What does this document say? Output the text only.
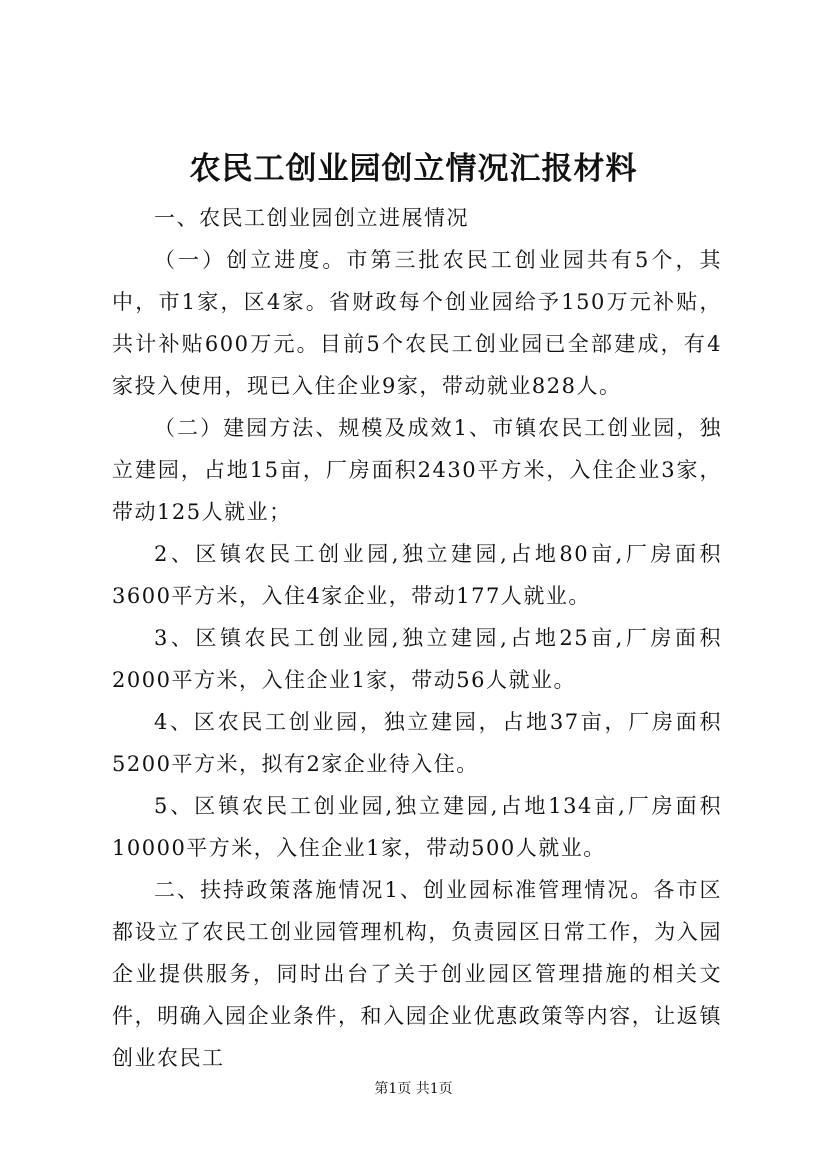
农民工创业园创立情况汇报材料

一、农民工创业园创立进展情况

（一）创立进度。市第三批农民工创业园共有5个，其中，市1家，区4家。省财政每个创业园给予150万元补贴，共计补贴600万元。目前5个农民工创业园已全部建成，有4家投入使用，现已入住企业9家，带动就业828人。

（二）建园方法、规模及成效1、市镇农民工创业园，独立建园，占地15亩，厂房面积2430平方米，入住企业3家，带动125人就业；

2、区镇农民工创业园,独立建园,占地80亩,厂房面积3600平方米，入住4家企业，带动177人就业。

3、区镇农民工创业园,独立建园,占地25亩,厂房面积2000平方米，入住企业1家，带动56人就业。

4、区农民工创业园，独立建园，占地37亩，厂房面积5200平方米，拟有2家企业待入住。

5、区镇农民工创业园,独立建园,占地134亩,厂房面积10000平方米，入住企业1家，带动500人就业。

二、扶持政策落施情况1、创业园标准管理情况。各市区都设立了农民工创业园管理机构，负责园区日常工作，为入园企业提供服务，同时出台了关于创业园区管理措施的相关文件，明确入园企业条件，和入园企业优惠政策等内容，让返镇创业农民工

第1页 共1页
